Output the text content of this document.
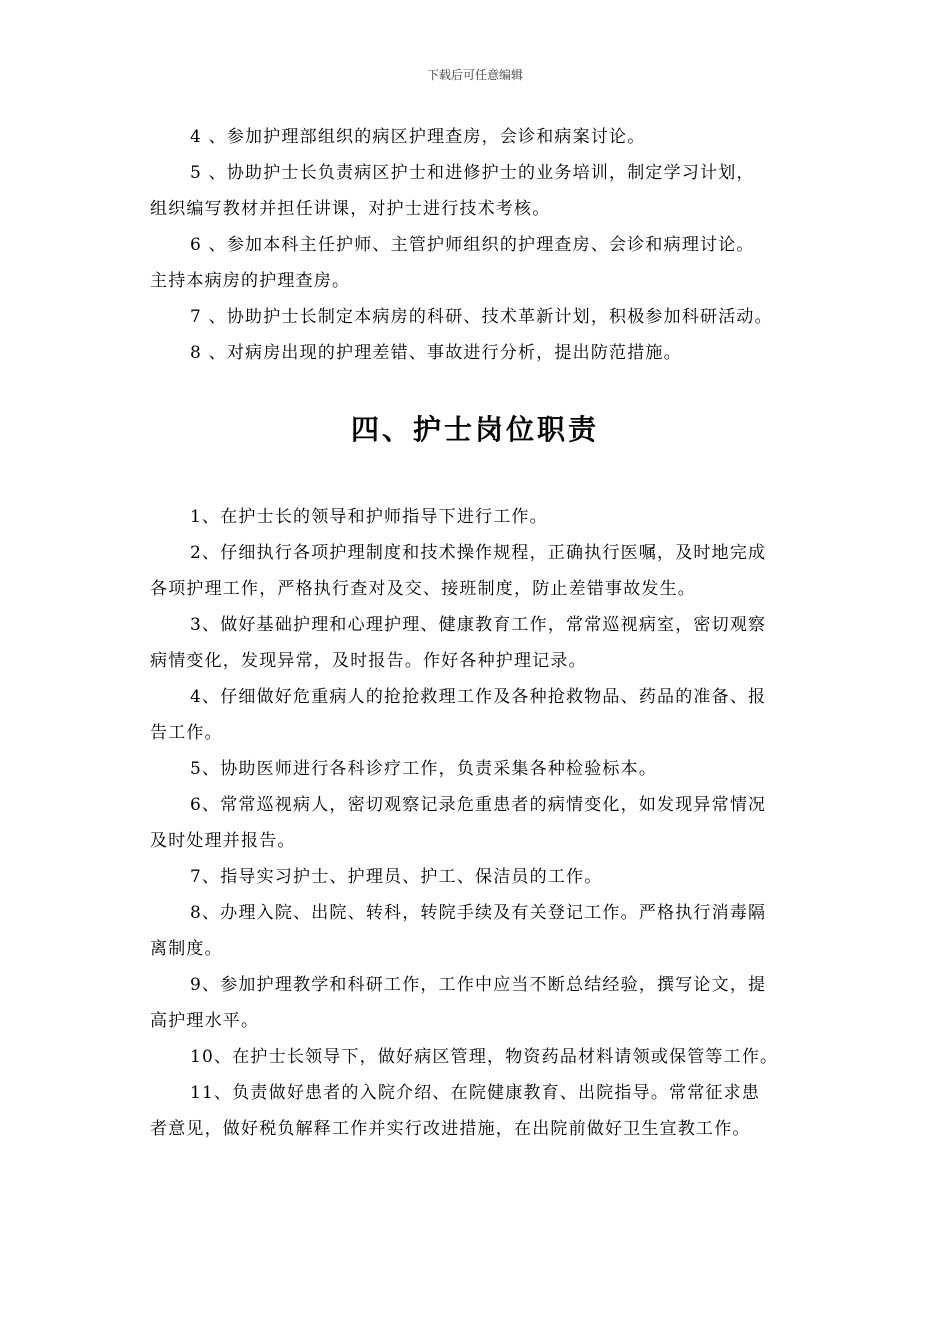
下载后可任意编辑
4 、参加护理部组织的病区护理查房，会诊和病案讨论。
5 、协助护士长负责病区护士和进修护士的业务培训，制定学习计划，
组织编写教材并担任讲课，对护士进行技术考核。
6 、参加本科主任护师、主管护师组织的护理查房、会诊和病理讨论。
主持本病房的护理查房。
7 、协助护士长制定本病房的科研、技术革新计划，积极参加科研活动。
8 、对病房出现的护理差错、事故进行分析，提出防范措施。
四、护士岗位职责
1、在护士长的领导和护师指导下进行工作。
2、仔细执行各项护理制度和技术操作规程，正确执行医嘱，及时地完成
各项护理工作，严格执行查对及交、接班制度，防止差错事故发生。
3、做好基础护理和心理护理、健康教育工作，常常巡视病室，密切观察
病情变化，发现异常，及时报告。作好各种护理记录。
4、仔细做好危重病人的抢抢救理工作及各种抢救物品、药品的准备、报
告工作。
5、协助医师进行各科诊疗工作，负责采集各种检验标本。
6、常常巡视病人，密切观察记录危重患者的病情变化，如发现异常情况
及时处理并报告。
7、指导实习护士、护理员、护工、保洁员的工作。
8、办理入院、出院、转科，转院手续及有关登记工作。严格执行消毒隔
离制度。
9、参加护理教学和科研工作，工作中应当不断总结经验，撰写论文，提
高护理水平。
10、在护士长领导下，做好病区管理，物资药品材料请领或保管等工作。
11、负责做好患者的入院介绍、在院健康教育、出院指导。常常征求患
者意见，做好税负解释工作并实行改进措施，在出院前做好卫生宣教工作。
